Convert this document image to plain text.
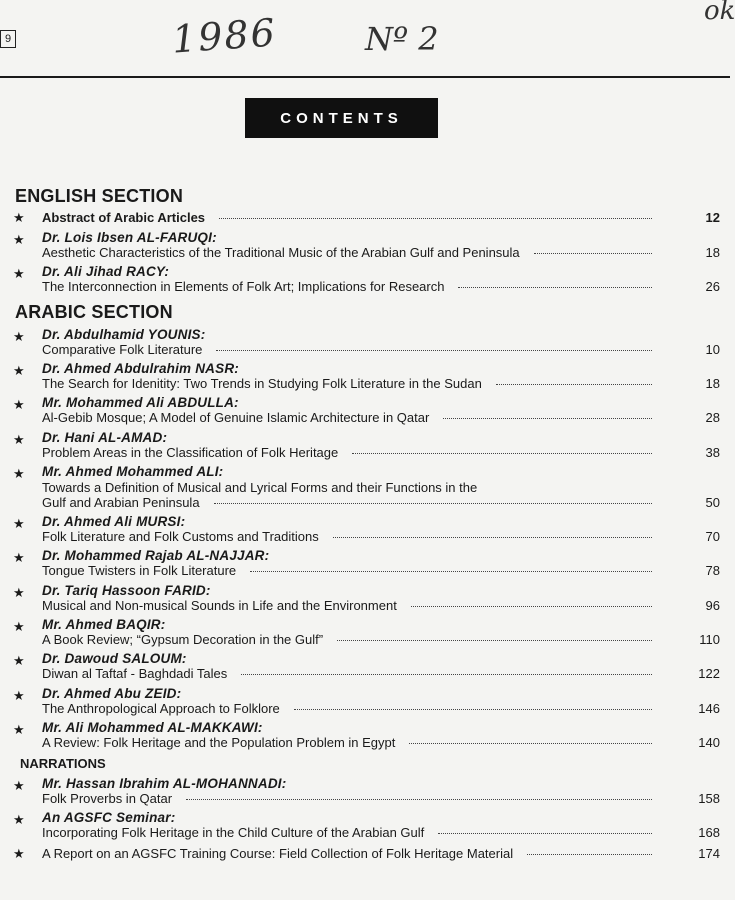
9	1986	Nº 2
ok
CONTENTS
ENGLISH SECTION
★ Abstract of Arabic Articles	12
★ Dr. Lois Ibsen AL-FARUQI:
Aesthetic Characteristics of the Traditional Music of the Arabian Gulf and Peninsula	18
★ Dr. Ali Jihad RACY:
The Interconnection in Elements of Folk Art; Implications for Research	26
ARABIC SECTION
★ Dr. Abdulhamid YOUNIS:
Comparative Folk Literature	10
★ Dr. Ahmed Abdulrahim NASR:
The Search for Idenitity: Two Trends in Studying Folk Literature in the Sudan	18
★ Mr. Mohammed Ali ABDULLA:
Al-Gebib Mosque; A Model of Genuine Islamic Architecture in Qatar	28
★ Dr. Hani AL-AMAD:
Problem Areas in the Classification of Folk Heritage	38
★ Mr. Ahmed Mohammed ALI:
Towards a Definition of Musical and Lyrical Forms and their Functions in the
Gulf and Arabian Peninsula	50
★ Dr. Ahmed Ali MURSI:
Folk Literature and Folk Customs and Traditions	70
★ Dr. Mohammed Rajab AL-NAJJAR:
Tongue Twisters in Folk Literature	78
★ Dr. Tariq Hassoon FARID:
Musical and Non-musical Sounds in Life and the Environment	96
★ Mr. Ahmed BAQIR:
A Book Review; “Gypsum Decoration in the Gulf”	110
★ Dr. Dawoud SALOUM:
Diwan al Taftaf - Baghdadi Tales	122
★ Dr. Ahmed Abu ZEID:
The Anthropological Approach to Folklore	146
★ Mr. Ali Mohammed AL-MAKKAWI:
A Review: Folk Heritage and the Population Problem in Egypt	140
NARRATIONS
★ Mr. Hassan Ibrahim AL-MOHANNADI:
Folk Proverbs in Qatar	158
★ An AGSFC Seminar:
Incorporating Folk Heritage in the Child Culture of the Arabian Gulf	168
★ A Report on an AGSFC Training Course: Field Collection of Folk Heritage Material	174
